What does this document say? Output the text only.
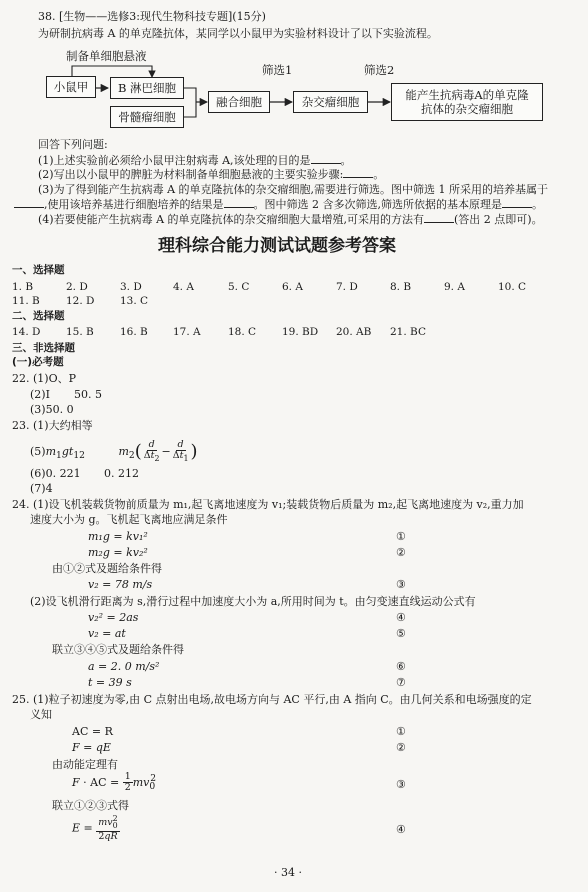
38. [生物——选修3:现代生物科技专题](15分)
为研制抗病毒 A 的单克隆抗体，某同学以小鼠甲为实验材料设计了以下实验流程。
制备单细胞悬液
小鼠甲	B 淋巴细胞
骨髓瘤细胞
融合细胞
筛选1
杂交瘤细胞
筛选2
能产生抗病毒A的单克隆
抗体的杂交瘤细胞
回答下列问题:
(1)上述实验前必须给小鼠甲注射病毒 A,该处理的目的是	。
(2)写出以小鼠甲的脾脏为材料制备单细胞悬液的主要实验步骤:	。
(3)为了得到能产生抗病毒 A 的单克隆抗体的杂交瘤细胞,需要进行筛选。图中筛选 1 所采用的培养基属于
,使用该培养基进行细胞培养的结果是	。图中筛选 2 含多次筛选,筛选所依据的基本原理是	。
(4)若要使能产生抗病毒 A 的单克隆抗体的杂交瘤细胞大量增殖,可采用的方法有	(答出 2 点即可)。
理科综合能力测试试题参考答案
一、选择题
1. B	2. D	3. D	4. A	5. C	6. A	7. D	8. B	9. A	10. C
11. B 12. D 13. C
二、选择题
14. D 15. B 16. B 17. A	18. C 19. BD 20. AB 21. BC
三、非选择题
(一)必考题
22. (1)O、P
(2)I 50. 5
(3)50. 0
23. (1)大约相等
$(5)m_1gt_{12}$	$m_2( \frac{d}{\Delta t_2} - \frac{d}{\Delta t_1}$ )
(6)0. 221 0. 212
(7)4
24. (1)设飞机装载货物前质量为 m₁,起飞离地速度为 v₁;装载货物后质量为 m₂,起飞离地速度为 v₂,重力加
速度大小为 g。飞机起飞离地应满足条件
m₁g = kv₁²	①
m₂g = kv₂²	②
由①②式及题给条件得
v₂ = 78 m/s	③
(2)设飞机滑行距离为 s,滑行过程中加速度大小为 a,所用时间为 t。由匀变速直线运动公式有
v₂² = 2as	④
v₂ = at	⑤
联立③④⑤式及题给条件得
a = 2. 0 m/s²	⑥
t = 39 s	⑦
25. (1)粒子初速度为零,由 C 点射出电场,故电场方向与 AC 平行,由 A 指向 C。由几何关系和电场强度的定
义知
AC = R	①
F = qE	②
由动能定理有
F · AC = $\frac{1}{2} mv_0^2$	③
联立①②③式得
$E = \frac{mv_0^2}{2qR}$	④
· 34 ·
